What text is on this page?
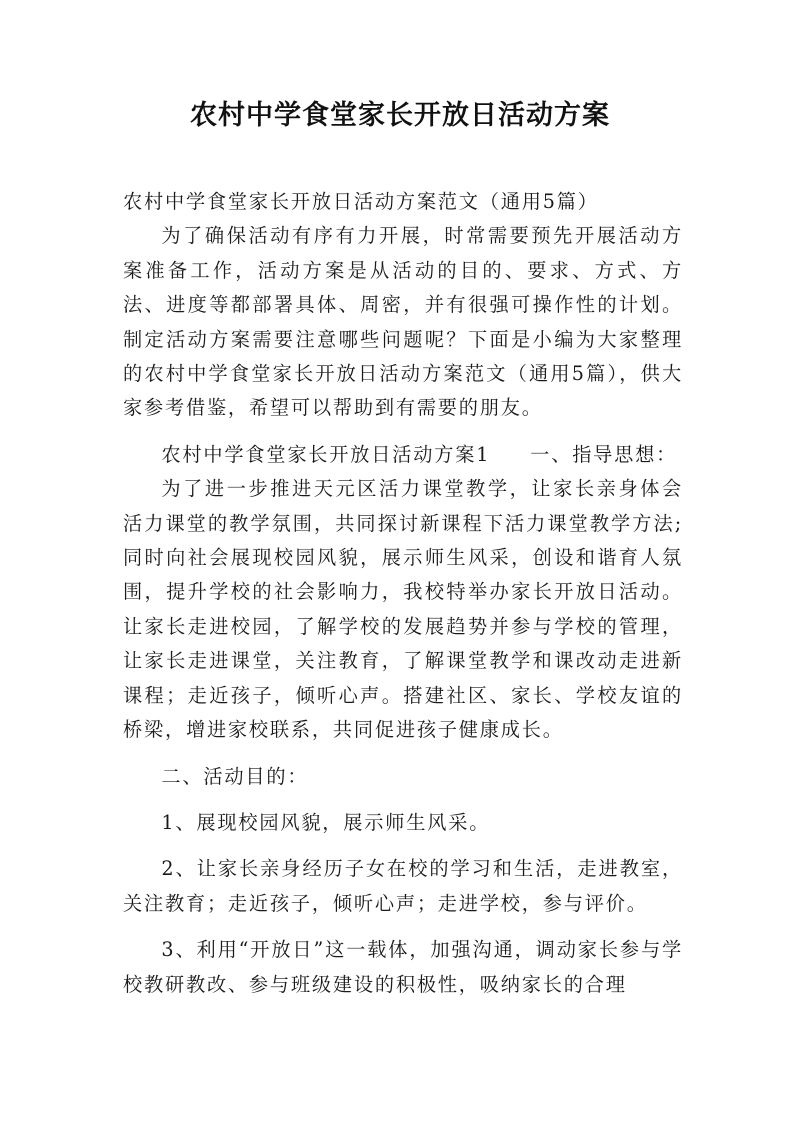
农村中学食堂家长开放日活动方案

农村中学食堂家长开放日活动方案范文（通用5篇）

为了确保活动有序有力开展，时常需要预先开展活动方案准备工作，活动方案是从活动的目的、要求、方式、方法、进度等都部署具体、周密，并有很强可操作性的计划。制定活动方案需要注意哪些问题呢？下面是小编为大家整理的农村中学食堂家长开放日活动方案范文（通用5篇），供大家参考借鉴，希望可以帮助到有需要的朋友。

农村中学食堂家长开放日活动方案1 一、指导思想：

为了进一步推进天元区活力课堂教学，让家长亲身体会活力课堂的教学氛围，共同探讨新课程下活力课堂教学方法;同时向社会展现校园风貌，展示师生风采，创设和谐育人氛围，提升学校的社会影响力，我校特举办家长开放日活动。让家长走进校园，了解学校的发展趋势并参与学校的管理，让家长走进课堂，关注教育，了解课堂教学和课改动走进新课程；走近孩子，倾听心声。搭建社区、家长、学校友谊的桥梁，增进家校联系，共同促进孩子健康成长。

二、活动目的：

1、展现校园风貌，展示师生风采。

2、让家长亲身经历子女在校的学习和生活，走进教室，关注教育；走近孩子，倾听心声；走进学校，参与评价。

3、利用“开放日”这一载体，加强沟通，调动家长参与学校教研教改、参与班级建设的积极性，吸纳家长的合理
